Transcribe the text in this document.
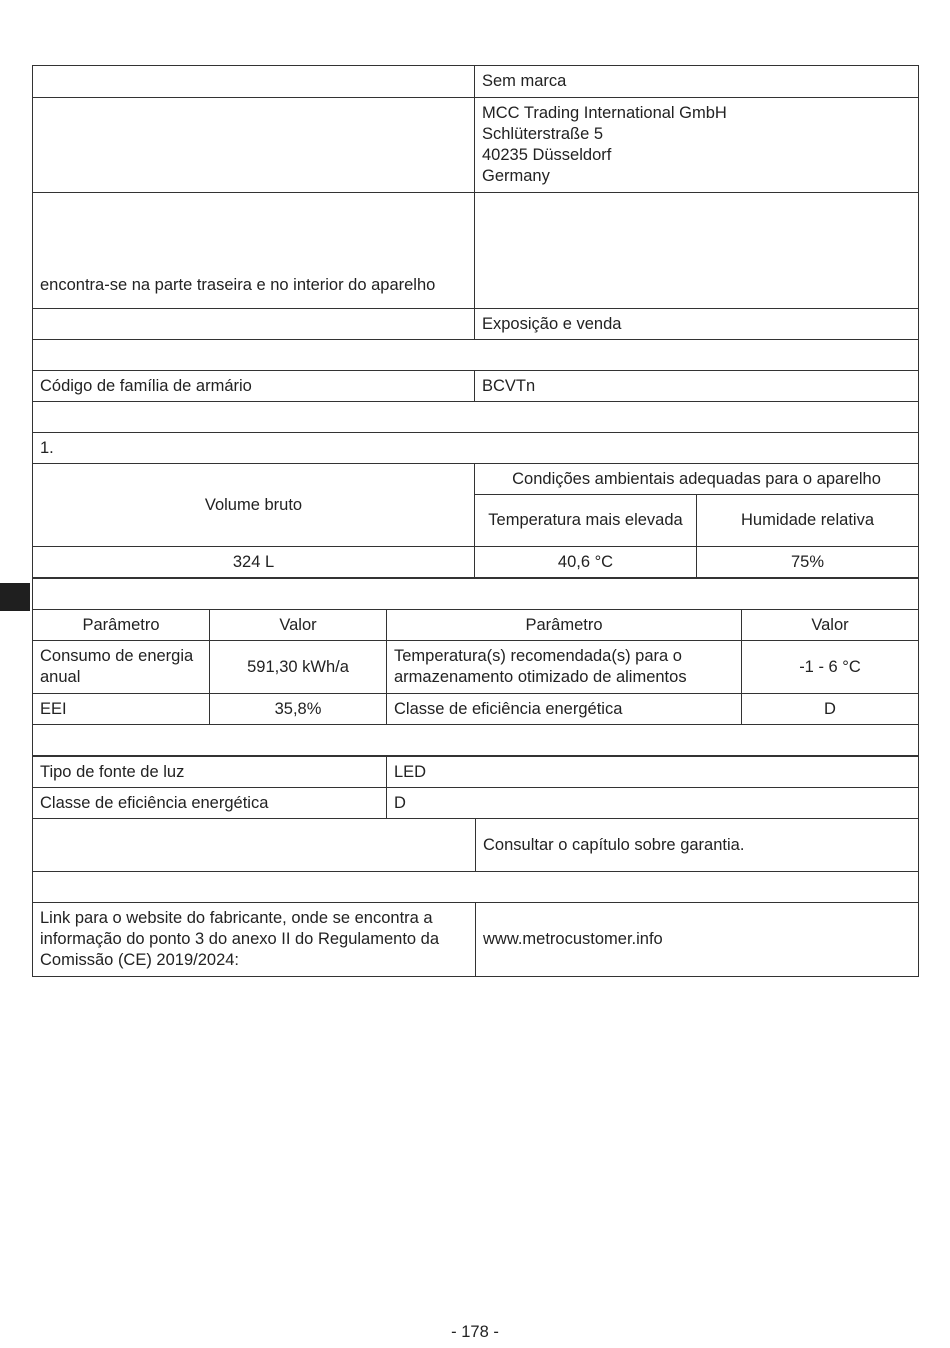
	Sem marca

	MCC Trading International GmbH
Schlüterstraße 5
40235 Düsseldorf
Germany

encontra-se na parte traseira e no interior do aparelho	
	Exposição e venda

Código de família de armário	BCVTn

1.	
Volume bruto	Condições ambientais adequadas para o aparelho	
	Temperatura mais elevada	Humidade relativa
324 L	40,6 °C	75%

Parâmetro	Valor	Parâmetro	Valor
Consumo de energia anual	591,30 kWh/a	Temperatura(s) recomendada(s) para o armazenamento otimizado de alimentos	-1 - 6 °C
EEI	35,8%	Classe de eficiência energética	D

Tipo de fonte de luz	LED
Classe de eficiência energética	D
	Consultar o capítulo sobre garantia.

Link para o website do fabricante, onde se encontra a informação do ponto 3 do anexo II do Regulamento da Comissão (CE) 2019/2024:	www.metrocustomer.info
- 178 -
